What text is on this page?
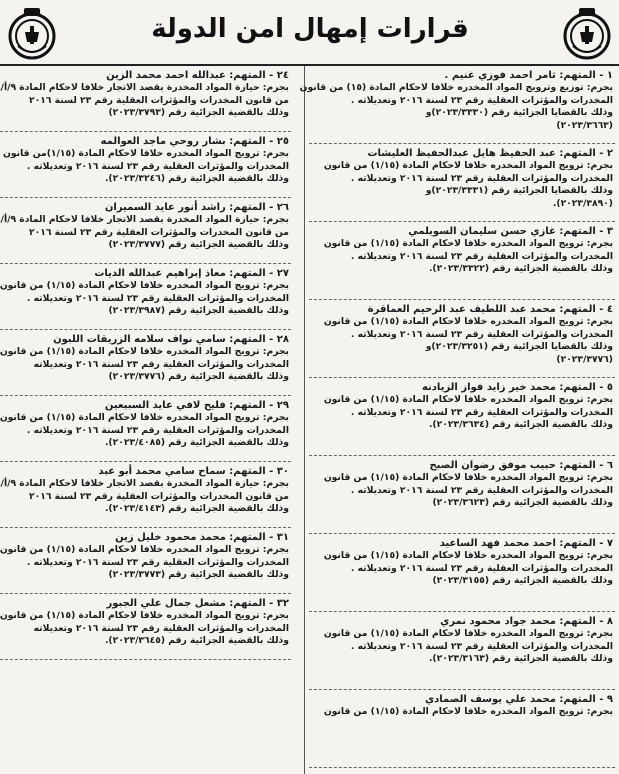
قرارات إمهال امن الدولة
١ - المتهم: ثامر احمد فوزي غنيم .
بجرم: توزيع وترويج المواد المخدره خلافا لاحكام المادة (١٥) من قانون
المخدرات والمؤثرات العقلية رقم ٢٣ لسنة ٢٠١٦ وتعديلاته .
وذلك بالقضايا الجزائية رقم (٢٠٢٣/٣٣٣٠)و
(٢٠٢٣/٣٦٦٣)
٢ - المتهم: عبد الحفيظ هايل عبدالحفيظ العليشات
بجرم: ترويج المواد المخدره خلافا لاحكام المادة (١/١٥) من قانون
المخدرات والمؤثرات العقلية رقم ٢٣ لسنة ٢٠١٦ وتعديلاته .
وذلك بالقضايا الجزائية رقم (٢٠٢٣/٣٣٣١)و
(٢٠٢٣/٣٨٩٠).
٣ - المتهم: غازي حسن سليمان السويلمي
بجرم: ترويج المواد المخدره خلافا لاحكام المادة (١/١٥) من قانون
المخدرات والمؤثرات العقلية رقم ٢٣ لسنة ٢٠١٦ وتعديلاته .
وذلك بالقضية الجزائية رقم (٢٠٢٣/٣٣٢٢).
٤ - المتهم: محمد عبد اللطيف عبد الرحيم العماقرة
بجرم: ترويج المواد المخدره خلافا لاحكام المادة (١/١٥) من قانون
المخدرات والمؤثرات العقلية رقم ٢٣ لسنة ٢٠١٦ وتعديلاته .
وذلك بالقضايا الجزائية رقم (٢٠٢٣/٣٢٥١)و
(٢٠٢٣/٣٧٧٦)
٥ - المتهم: محمد خير زايد فواز الزيادنه
بجرم: ترويج المواد المخدره خلافا لاحكام المادة (١/١٥) من قانون
المخدرات والمؤثرات العقلية رقم ٢٣ لسنة ٢٠١٦ وتعديلاته .
وذلك بالقضية الجزائية رقم (٢٠٢٣/٣٦٣٤).
٦ - المتهم: حبيب موفق رضوان الصبح
بجرم: ترويج المواد المخدره خلافا لاحكام المادة (١/١٥) من قانون
المخدرات والمؤثرات العقلية رقم ٢٣ لسنة ٢٠١٦ وتعديلاته .
وذلك بالقضية الجزائية رقم (٢٠٢٣/٣٦٢٣)
٧ - المتهم: احمد محمد فهد الساعيد
بجرم: ترويج المواد المخدره خلافا لاحكام المادة (١/١٥) من قانون
المخدرات والمؤثرات العقلية رقم ٢٣ لسنة ٢٠١٦ وتعديلاته .
وذلك بالقضية الجزائية رقم (٢٠٢٣/٣١٥٥)
٨ - المتهم: محمد جواد محمود نمري
بجرم: ترويج المواد المخدره خلافا لاحكام المادة (١/١٥) من قانون
المخدرات والمؤثرات العقلية رقم ٢٣ لسنة ٢٠١٦ وتعديلاته .
وذلك بالقضية الجزائية رقم (٢٠٢٣/٣١٦٣).
٩ - المتهم: محمد علي يوسف الصمادي
بجرم: ترويج المواد المخدره خلافا لاحكام المادة (١/١٥) من قانون
٢٤ - المتهم: عبدالله احمد محمد الزين
بجرم: حيازة المواد المخدرة بقصد الاتجار خلافا لاحكام المادة ٩/أ/
من قانون المخدرات والمؤثرات العقلية رقم ٢٣ لسنة ٢٠١٦
وذلك بالقضية الجزائية رقم (٢٠٢٣/٣٧٩٣)
٢٥ - المتهم: بشار روحي ماجد العوالمه
بجرم: ترويج المواد المخدره خلافا لاحكام المادة (١/١٥)من قانون
المخدرات والمؤثرات العقلية رقم ٢٣ لسنة ٢٠١٦ وتعديلاته .
وذلك بالقضية الجزائية رقم (٢٠٢٣/٣٢٤٦).
٢٦ - المتهم: راشد أنور عايد السميران
بجرم: حيازة المواد المخدرة بقصد الاتجار خلافا لاحكام المادة ٩/أ/
من قانون المخدرات والمؤثرات العقلية رقم ٢٣ لسنة ٢٠١٦
وذلك بالقضية الجزائية رقم (٢٠٢٣/٣٧٧٧)
٢٧ - المتهم: معاذ إبراهيم عبدالله الديات
بجرم: ترويج المواد المخدره خلافا لاحكام المادة (١/١٥) من قانون
المخدرات والمؤثرات العقلية رقم ٢٣ لسنة ٢٠١٦ وتعديلاته .
وذلك بالقضية الجزائية رقم (٢٠٢٣/٣٩٨٧)
٢٨ - المتهم: سامي نواف سلامه الزريقات اللبون
بجرم: ترويج المواد المخدره خلافا لاحكام المادة (١/١٥) من قانون
المخدرات والمؤثرات العقلية رقم ٢٣ لسنة ٢٠١٦ وتعديلاته
وذلك بالقضية الجزائية رقم (٢٠٢٣/٣٧٧٦)
٢٩ - المتهم: فليح لافي عايد السبيعين
بجرم: ترويج المواد المخدره خلافا لاحكام المادة (١/١٥) من قانون
المخدرات والمؤثرات العقلية رقم ٢٣ لسنة ٢٠١٦ وتعديلاته .
وذلك بالقضية الجزائية رقم (٢٠٢٣/٤٠٨٥).
٣٠ - المتهم: سماح سامي محمد أبو عبد
بجرم: حيازة المواد المخدرة بقصد الاتجار خلافا لاحكام المادة ٩/أ/
من قانون المخدرات والمؤثرات العقلية رقم ٢٣ لسنة ٢٠١٦
وذلك بالقضية الجزائية رقم (٢٠٢٣/٤١٤٣).
٣١ - المتهم: محمد محمود خليل زين
بجرم: ترويج المواد المخدره خلافا لاحكام المادة (١/١٥) من قانون
المخدرات والمؤثرات العقلية رقم ٢٣ لسنة ٢٠١٦ وتعديلاته .
وذلك بالقضية الجزائية رقم (٢٠٢٣/٣٧٧٣)
٣٢ - المتهم: مشعل جمال علي الجبور
بجرم: ترويج المواد المخدره خلافا لاحكام المادة (١/١٥) من قانون
المخدرات والمؤثرات العقلية رقم ٢٣ لسنة ٢٠١٦ وتعديلاته
وذلك بالقضية الجزائية رقم (٢٠٢٣/٣٦٤٥).
